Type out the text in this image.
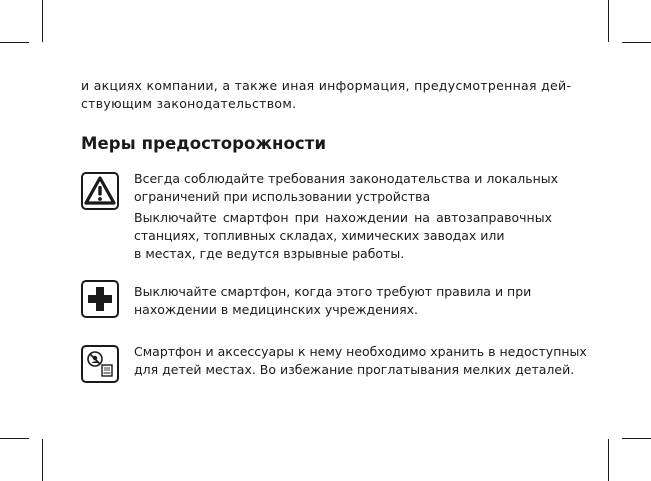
и акциях компании, а также иная информация, предусмотренная дей-
ствующим законодательством.
Меры предосторожности

Всегда соблюдайте требования законодательства и локальных
ограничений при использовании устройства

Выключайте смартфон при нахождении на автозаправочных
станциях, топливных складах, химических заводах или
в местах, где ведутся взрывные работы.

Выключайте смартфон, когда этого требуют правила и при
нахождении в медицинских учреждениях.

Смартфон и аксессуары к нему необходимо хранить в недоступных
для детей местах. Во избежание проглатывания мелких деталей.
